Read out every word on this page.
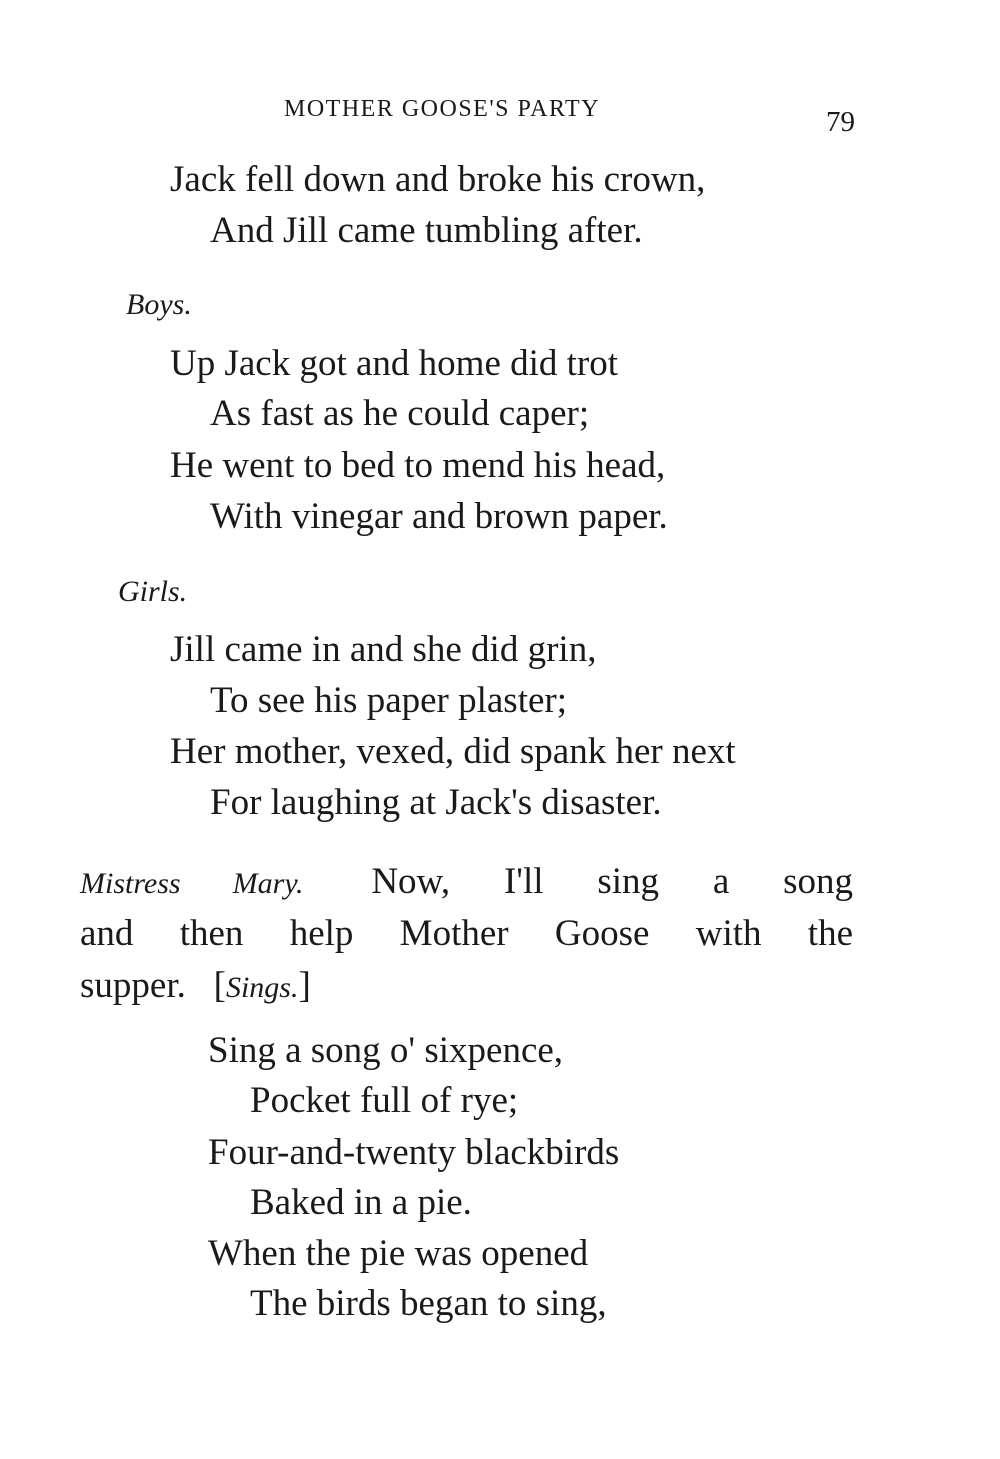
MOTHER GOOSE'S PARTY	79
Jack fell down and broke his crown,
And Jill came tumbling after.
Boys.
Up Jack got and home did trot
As fast as he could caper;
He went to bed to mend his head,
With vinegar and brown paper.
Girls.
Jill came in and she did grin,
To see his paper plaster;
Her mother, vexed, did spank her next
For laughing at Jack's disaster.
Mistress Mary. Now, I'll sing a song
and then help Mother Goose with the
supper. [Sings.]
Sing a song o' sixpence,
Pocket full of rye;
Four-and-twenty blackbirds
Baked in a pie.
When the pie was opened
The birds began to sing,
